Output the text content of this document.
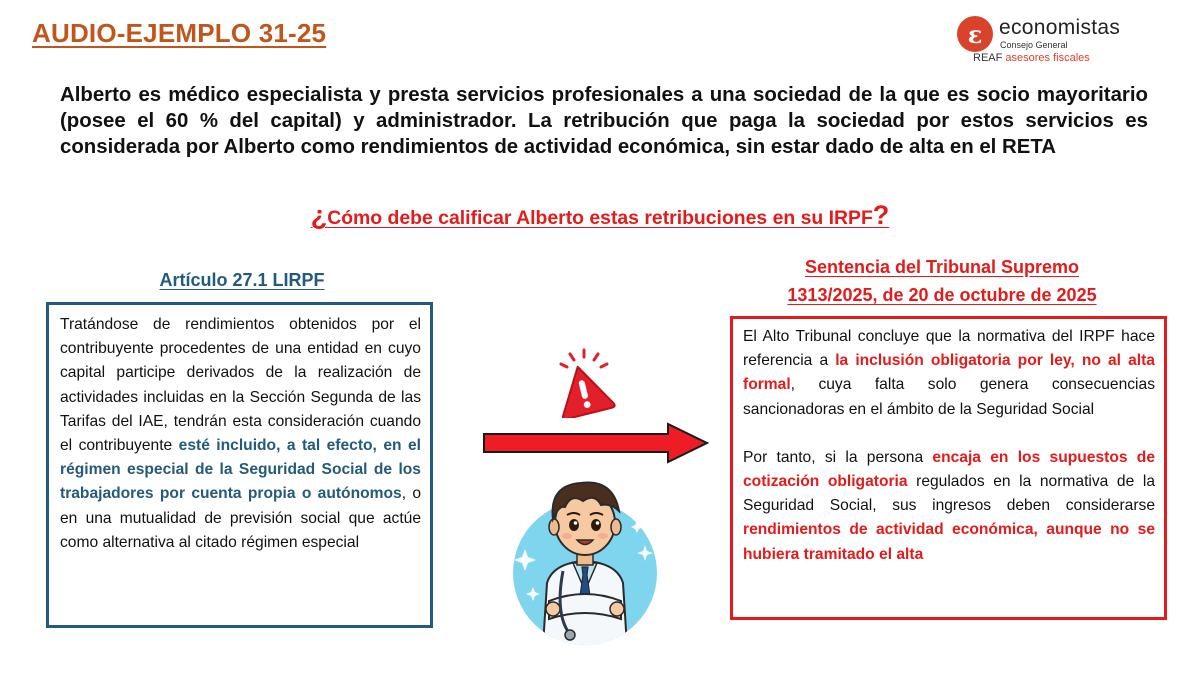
AUDIO-EJEMPLO 31-25	ε economistas
Consejo General
REAF asesores fiscales
Alberto es médico especialista y presta servicios profesionales a una sociedad de la que es socio mayoritario (posee el 60 % del capital) y administrador. La retribución que paga la sociedad por estos servicios es considerada por Alberto como rendimientos de actividad económica, sin estar dado de alta en el RETA
¿Cómo debe calificar Alberto estas retribuciones en su IRPF?
Artículo 27.1 LIRPF
Tratándose de rendimientos obtenidos por el contribuyente procedentes de una entidad en cuyo capital participe derivados de la realización de actividades incluidas en la Sección Segunda de las Tarifas del IAE, tendrán esta consideración cuando el contribuyente esté incluido, a tal efecto, en el régimen especial de la Seguridad Social de los trabajadores por cuenta propia o autónomos, o en una mutualidad de previsión social que actúe como alternativa al citado régimen especial
Sentencia del Tribunal Supremo
1313/2025, de 20 de octubre de 2025

El Alto Tribunal concluye que la normativa del IRPF hace referencia a la inclusión obligatoria por ley, no al alta formal, cuya falta solo genera consecuencias sancionadoras en el ámbito de la Seguridad Social

Por tanto, si la persona encaja en los supuestos de cotización obligatoria regulados en la normativa de la Seguridad Social, sus ingresos deben considerarse rendimientos de actividad económica, aunque no se hubiera tramitado el alta
